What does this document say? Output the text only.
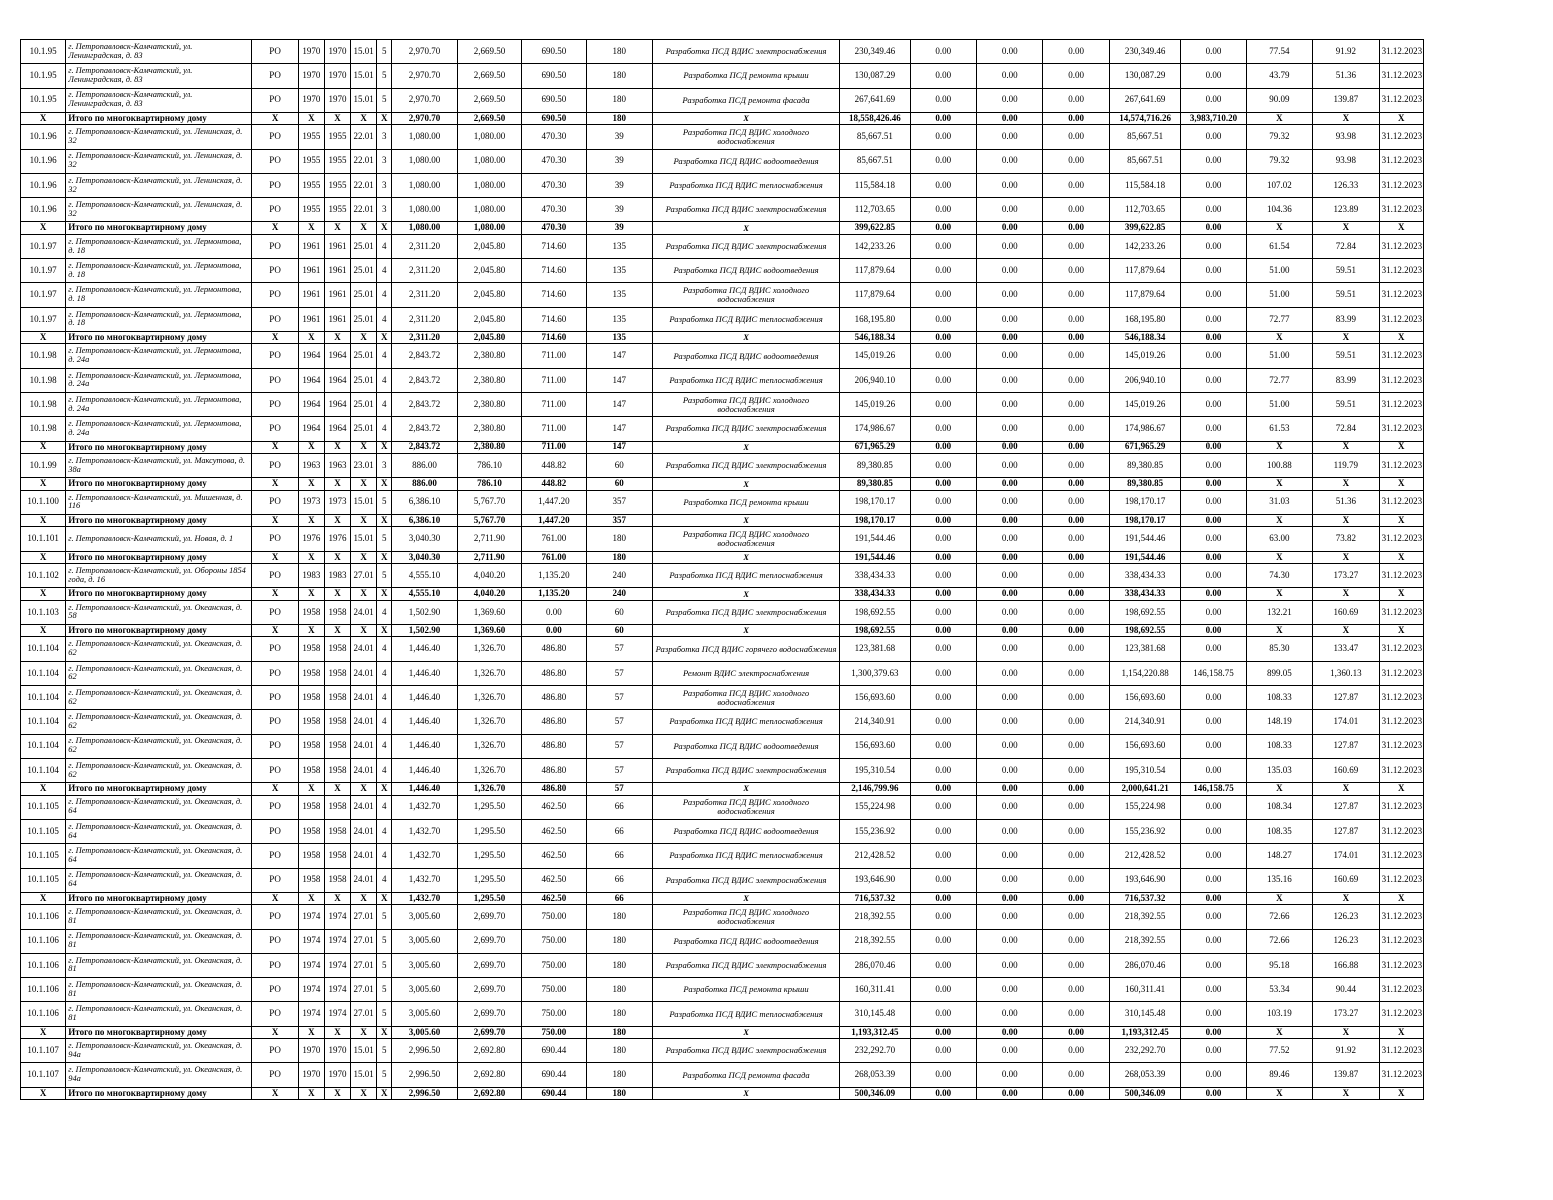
10.1.95	г. Петропавловск-Камчатский, ул. Ленинградская, д. 83	РО	1970	1970	15.01	5	2,970.70	2,669.50	690.50	180	Разработка ПСД ВДИС электроснабжения	230,349.46	0.00	0.00	0.00	230,349.46	0.00	77.54	91.92	31.12.2023
10.1.95	г. Петропавловск-Камчатский, ул. Ленинградская, д. 83	РО	1970	1970	15.01	5	2,970.70	2,669.50	690.50	180	Разработка ПСД ремонта крыши	130,087.29	0.00	0.00	0.00	130,087.29	0.00	43.79	51.36	31.12.2023
10.1.95	г. Петропавловск-Камчатский, ул. Ленинградская, д. 83	РО	1970	1970	15.01	5	2,970.70	2,669.50	690.50	180	Разработка ПСД ремонта фасада	267,641.69	0.00	0.00	0.00	267,641.69	0.00	90.09	139.87	31.12.2023
Х	Итого по многоквартирному дому	Х	Х	Х	Х	Х	2,970.70	2,669.50	690.50	180	Х	18,558,426.46	0.00	0.00	0.00	14,574,716.26	3,983,710.20	Х	Х	Х
10.1.96	г. Петропавловск-Камчатский, ул. Ленинская, д. 32	РО	1955	1955	22.01	3	1,080.00	1,080.00	470.30	39	Разработка ПСД ВДИС холодного водоснабжения	85,667.51	0.00	0.00	0.00	85,667.51	0.00	79.32	93.98	31.12.2023
10.1.96	г. Петропавловск-Камчатский, ул. Ленинская, д. 32	РО	1955	1955	22.01	3	1,080.00	1,080.00	470.30	39	Разработка ПСД ВДИС водоотведения	85,667.51	0.00	0.00	0.00	85,667.51	0.00	79.32	93.98	31.12.2023
10.1.96	г. Петропавловск-Камчатский, ул. Ленинская, д. 32	РО	1955	1955	22.01	3	1,080.00	1,080.00	470.30	39	Разработка ПСД ВДИС теплоснабжения	115,584.18	0.00	0.00	0.00	115,584.18	0.00	107.02	126.33	31.12.2023
10.1.96	г. Петропавловск-Камчатский, ул. Ленинская, д. 32	РО	1955	1955	22.01	3	1,080.00	1,080.00	470.30	39	Разработка ПСД ВДИС электроснабжения	112,703.65	0.00	0.00	0.00	112,703.65	0.00	104.36	123.89	31.12.2023
Х	Итого по многоквартирному дому	Х	Х	Х	Х	Х	1,080.00	1,080.00	470.30	39	Х	399,622.85	0.00	0.00	0.00	399,622.85	0.00	Х	Х	Х
10.1.97	г. Петропавловск-Камчатский, ул. Лермонтова, д. 18	РО	1961	1961	25.01	4	2,311.20	2,045.80	714.60	135	Разработка ПСД ВДИС электроснабжения	142,233.26	0.00	0.00	0.00	142,233.26	0.00	61.54	72.84	31.12.2023
10.1.97	г. Петропавловск-Камчатский, ул. Лермонтова, д. 18	РО	1961	1961	25.01	4	2,311.20	2,045.80	714.60	135	Разработка ПСД ВДИС водоотведения	117,879.64	0.00	0.00	0.00	117,879.64	0.00	51.00	59.51	31.12.2023
10.1.97	г. Петропавловск-Камчатский, ул. Лермонтова, д. 18	РО	1961	1961	25.01	4	2,311.20	2,045.80	714.60	135	Разработка ПСД ВДИС холодного водоснабжения	117,879.64	0.00	0.00	0.00	117,879.64	0.00	51.00	59.51	31.12.2023
10.1.97	г. Петропавловск-Камчатский, ул. Лермонтова, д. 18	РО	1961	1961	25.01	4	2,311.20	2,045.80	714.60	135	Разработка ПСД ВДИС теплоснабжения	168,195.80	0.00	0.00	0.00	168,195.80	0.00	72.77	83.99	31.12.2023
Х	Итого по многоквартирному дому	Х	Х	Х	Х	Х	2,311.20	2,045.80	714.60	135	Х	546,188.34	0.00	0.00	0.00	546,188.34	0.00	Х	Х	Х
10.1.98	г. Петропавловск-Камчатский, ул. Лермонтова, д. 24а	РО	1964	1964	25.01	4	2,843.72	2,380.80	711.00	147	Разработка ПСД ВДИС водоотведения	145,019.26	0.00	0.00	0.00	145,019.26	0.00	51.00	59.51	31.12.2023
10.1.98	г. Петропавловск-Камчатский, ул. Лермонтова, д. 24а	РО	1964	1964	25.01	4	2,843.72	2,380.80	711.00	147	Разработка ПСД ВДИС теплоснабжения	206,940.10	0.00	0.00	0.00	206,940.10	0.00	72.77	83.99	31.12.2023
10.1.98	г. Петропавловск-Камчатский, ул. Лермонтова, д. 24а	РО	1964	1964	25.01	4	2,843.72	2,380.80	711.00	147	Разработка ПСД ВДИС холодного водоснабжения	145,019.26	0.00	0.00	0.00	145,019.26	0.00	51.00	59.51	31.12.2023
10.1.98	г. Петропавловск-Камчатский, ул. Лермонтова, д. 24а	РО	1964	1964	25.01	4	2,843.72	2,380.80	711.00	147	Разработка ПСД ВДИС электроснабжения	174,986.67	0.00	0.00	0.00	174,986.67	0.00	61.53	72.84	31.12.2023
Х	Итого по многоквартирному дому	Х	Х	Х	Х	Х	2,843.72	2,380.80	711.00	147	Х	671,965.29	0.00	0.00	0.00	671,965.29	0.00	Х	Х	Х
10.1.99	г. Петропавловск-Камчатский, ул. Максутова, д. 38а	РО	1963	1963	23.01	3	886.00	786.10	448.82	60	Разработка ПСД ВДИС электроснабжения	89,380.85	0.00	0.00	0.00	89,380.85	0.00	100.88	119.79	31.12.2023
Х	Итого по многоквартирному дому	Х	Х	Х	Х	Х	886.00	786.10	448.82	60	Х	89,380.85	0.00	0.00	0.00	89,380.85	0.00	Х	Х	Х
10.1.100	г. Петропавловск-Камчатский, ул. Мишенная, д. 116	РО	1973	1973	15.01	5	6,386.10	5,767.70	1,447.20	357	Разработка ПСД ремонта крыши	198,170.17	0.00	0.00	0.00	198,170.17	0.00	31.03	51.36	31.12.2023
Х	Итого по многоквартирному дому	Х	Х	Х	Х	Х	6,386.10	5,767.70	1,447.20	357	Х	198,170.17	0.00	0.00	0.00	198,170.17	0.00	Х	Х	Х
10.1.101	г. Петропавловск-Камчатский, ул. Новая, д. 1	РО	1976	1976	15.01	5	3,040.30	2,711.90	761.00	180	Разработка ПСД ВДИС холодного водоснабжения	191,544.46	0.00	0.00	0.00	191,544.46	0.00	63.00	73.82	31.12.2023
Х	Итого по многоквартирному дому	Х	Х	Х	Х	Х	3,040.30	2,711.90	761.00	180	Х	191,544.46	0.00	0.00	0.00	191,544.46	0.00	Х	Х	Х
10.1.102	г. Петропавловск-Камчатский, ул. Обороны 1854 года, д. 16	РО	1983	1983	27.01	5	4,555.10	4,040.20	1,135.20	240	Разработка ПСД ВДИС теплоснабжения	338,434.33	0.00	0.00	0.00	338,434.33	0.00	74.30	173.27	31.12.2023
Х	Итого по многоквартирному дому	Х	Х	Х	Х	Х	4,555.10	4,040.20	1,135.20	240	Х	338,434.33	0.00	0.00	0.00	338,434.33	0.00	Х	Х	Х
10.1.103	г. Петропавловск-Камчатский, ул. Океанская, д. 58	РО	1958	1958	24.01	4	1,502.90	1,369.60	0.00	60	Разработка ПСД ВДИС электроснабжения	198,692.55	0.00	0.00	0.00	198,692.55	0.00	132.21	160.69	31.12.2023
Х	Итого по многоквартирному дому	Х	Х	Х	Х	Х	1,502.90	1,369.60	0.00	60	Х	198,692.55	0.00	0.00	0.00	198,692.55	0.00	Х	Х	Х
10.1.104	г. Петропавловск-Камчатский, ул. Океанская, д. 62	РО	1958	1958	24.01	4	1,446.40	1,326.70	486.80	57	Разработка ПСД ВДИС горячего водоснабжения	123,381.68	0.00	0.00	0.00	123,381.68	0.00	85.30	133.47	31.12.2023
10.1.104	г. Петропавловск-Камчатский, ул. Океанская, д. 62	РО	1958	1958	24.01	4	1,446.40	1,326.70	486.80	57	Ремонт ВДИС электроснабжения	1,300,379.63	0.00	0.00	0.00	1,154,220.88	146,158.75	899.05	1,360.13	31.12.2023
10.1.104	г. Петропавловск-Камчатский, ул. Океанская, д. 62	РО	1958	1958	24.01	4	1,446.40	1,326.70	486.80	57	Разработка ПСД ВДИС холодного водоснабжения	156,693.60	0.00	0.00	0.00	156,693.60	0.00	108.33	127.87	31.12.2023
10.1.104	г. Петропавловск-Камчатский, ул. Океанская, д. 62	РО	1958	1958	24.01	4	1,446.40	1,326.70	486.80	57	Разработка ПСД ВДИС теплоснабжения	214,340.91	0.00	0.00	0.00	214,340.91	0.00	148.19	174.01	31.12.2023
10.1.104	г. Петропавловск-Камчатский, ул. Океанская, д. 62	РО	1958	1958	24.01	4	1,446.40	1,326.70	486.80	57	Разработка ПСД ВДИС водоотведения	156,693.60	0.00	0.00	0.00	156,693.60	0.00	108.33	127.87	31.12.2023
10.1.104	г. Петропавловск-Камчатский, ул. Океанская, д. 62	РО	1958	1958	24.01	4	1,446.40	1,326.70	486.80	57	Разработка ПСД ВДИС электроснабжения	195,310.54	0.00	0.00	0.00	195,310.54	0.00	135.03	160.69	31.12.2023
Х	Итого по многоквартирному дому	Х	Х	Х	Х	Х	1,446.40	1,326.70	486.80	57	Х	2,146,799.96	0.00	0.00	0.00	2,000,641.21	146,158.75	Х	Х	Х
10.1.105	г. Петропавловск-Камчатский, ул. Океанская, д. 64	РО	1958	1958	24.01	4	1,432.70	1,295.50	462.50	66	Разработка ПСД ВДИС холодного водоснабжения	155,224.98	0.00	0.00	0.00	155,224.98	0.00	108.34	127.87	31.12.2023
10.1.105	г. Петропавловск-Камчатский, ул. Океанская, д. 64	РО	1958	1958	24.01	4	1,432.70	1,295.50	462.50	66	Разработка ПСД ВДИС водоотведения	155,236.92	0.00	0.00	0.00	155,236.92	0.00	108.35	127.87	31.12.2023
10.1.105	г. Петропавловск-Камчатский, ул. Океанская, д. 64	РО	1958	1958	24.01	4	1,432.70	1,295.50	462.50	66	Разработка ПСД ВДИС теплоснабжения	212,428.52	0.00	0.00	0.00	212,428.52	0.00	148.27	174.01	31.12.2023
10.1.105	г. Петропавловск-Камчатский, ул. Океанская, д. 64	РО	1958	1958	24.01	4	1,432.70	1,295.50	462.50	66	Разработка ПСД ВДИС электроснабжения	193,646.90	0.00	0.00	0.00	193,646.90	0.00	135.16	160.69	31.12.2023
Х	Итого по многоквартирному дому	Х	Х	Х	Х	Х	1,432.70	1,295.50	462.50	66	Х	716,537.32	0.00	0.00	0.00	716,537.32	0.00	Х	Х	Х
10.1.106	г. Петропавловск-Камчатский, ул. Океанская, д. 81	РО	1974	1974	27.01	5	3,005.60	2,699.70	750.00	180	Разработка ПСД ВДИС холодного водоснабжения	218,392.55	0.00	0.00	0.00	218,392.55	0.00	72.66	126.23	31.12.2023
10.1.106	г. Петропавловск-Камчатский, ул. Океанская, д. 81	РО	1974	1974	27.01	5	3,005.60	2,699.70	750.00	180	Разработка ПСД ВДИС водоотведения	218,392.55	0.00	0.00	0.00	218,392.55	0.00	72.66	126.23	31.12.2023
10.1.106	г. Петропавловск-Камчатский, ул. Океанская, д. 81	РО	1974	1974	27.01	5	3,005.60	2,699.70	750.00	180	Разработка ПСД ВДИС электроснабжения	286,070.46	0.00	0.00	0.00	286,070.46	0.00	95.18	166.88	31.12.2023
10.1.106	г. Петропавловск-Камчатский, ул. Океанская, д. 81	РО	1974	1974	27.01	5	3,005.60	2,699.70	750.00	180	Разработка ПСД ремонта крыши	160,311.41	0.00	0.00	0.00	160,311.41	0.00	53.34	90.44	31.12.2023
10.1.106	г. Петропавловск-Камчатский, ул. Океанская, д. 81	РО	1974	1974	27.01	5	3,005.60	2,699.70	750.00	180	Разработка ПСД ВДИС теплоснабжения	310,145.48	0.00	0.00	0.00	310,145.48	0.00	103.19	173.27	31.12.2023
Х	Итого по многоквартирному дому	Х	Х	Х	Х	Х	3,005.60	2,699.70	750.00	180	Х	1,193,312.45	0.00	0.00	0.00	1,193,312.45	0.00	Х	Х	Х
10.1.107	г. Петропавловск-Камчатский, ул. Океанская, д. 94а	РО	1970	1970	15.01	5	2,996.50	2,692.80	690.44	180	Разработка ПСД ВДИС электроснабжения	232,292.70	0.00	0.00	0.00	232,292.70	0.00	77.52	91.92	31.12.2023
10.1.107	г. Петропавловск-Камчатский, ул. Океанская, д. 94а	РО	1970	1970	15.01	5	2,996.50	2,692.80	690.44	180	Разработка ПСД ремонта фасада	268,053.39	0.00	0.00	0.00	268,053.39	0.00	89.46	139.87	31.12.2023
Х	Итого по многоквартирному дому	Х	Х	Х	Х	Х	2,996.50	2,692.80	690.44	180	Х	500,346.09	0.00	0.00	0.00	500,346.09	0.00	Х	Х	Х
